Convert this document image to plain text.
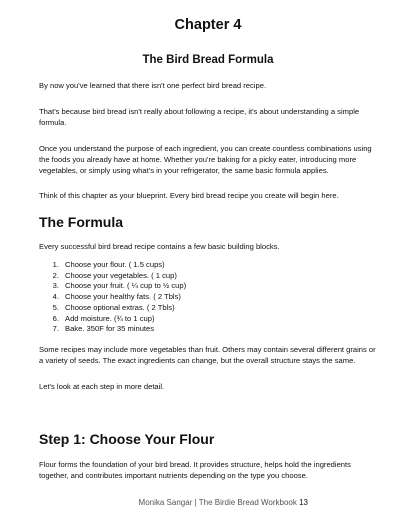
Chapter 4
The Bird Bread Formula

By now you've learned that there isn't one perfect bird bread recipe.

That's because bird bread isn't really about following a recipe, it's about understanding a simple formula.

Once you understand the purpose of each ingredient, you can create countless combinations using the foods you already have at home. Whether you're baking for a picky eater, introducing more vegetables, or simply using what's in your refrigerator, the same basic formula applies.

Think of this chapter as your blueprint. Every bird bread recipe you create will begin here.

The Formula

Every successful bird bread recipe contains a few basic building blocks.

1. Choose your flour. ( 1.5 cups)
2. Choose your vegetables. ( 1 cup)
3. Choose your fruit. ( ¼ cup to ½ cup)
4. Choose your healthy fats. ( 2 Tbls)
5. Choose optional extras. ( 2 Tbls)
6. Add moisture. (¾ to 1 cup)
7. Bake. 350F for 35 minutes

Some recipes may include more vegetables than fruit. Others may contain several different grains or a variety of seeds. The exact ingredients can change, but the overall structure stays the same.

Let's look at each step in more detail.

Step 1: Choose Your Flour

Flour forms the foundation of your bird bread. It provides structure, helps hold the ingredients together, and contributes important nutrients depending on the type you choose.

Monika Sangar | The Birdie Bread Workbook 13
